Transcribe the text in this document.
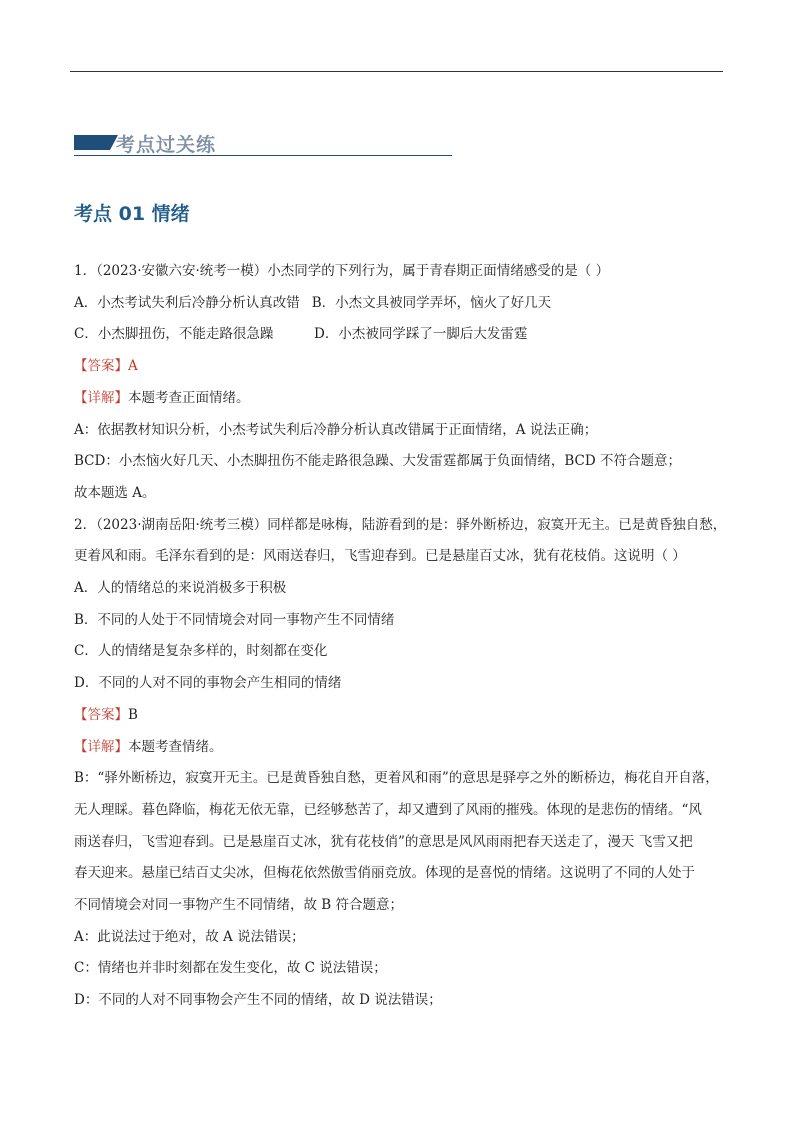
考点过关练
考点 01 情绪
1．（2023·安徽六安·统考一模）小杰同学的下列行为，属于青春期正面情绪感受的是（ ）
A．小杰考试失利后冷静分析认真改错 B．小杰文具被同学弄坏，恼火了好几天
C．小杰脚扭伤，不能走路很急躁	D．小杰被同学踩了一脚后大发雷霆
【答案】A
【详解】本题考查正面情绪。
A：依据教材知识分析，小杰考试失利后冷静分析认真改错属于正面情绪，A 说法正确；
BCD：小杰恼火好几天、小杰脚扭伤不能走路很急躁、大发雷霆都属于负面情绪，BCD 不符合题意；
故本题选 A。
2．（2023·湖南岳阳·统考三模）同样都是咏梅，陆游看到的是：驿外断桥边，寂寞开无主。已是黄昏独自愁，
更着风和雨。毛泽东看到的是：风雨送春归，飞雪迎春到。已是悬崖百丈冰，犹有花枝俏。这说明（ ）
A．人的情绪总的来说消极多于积极
B．不同的人处于不同情境会对同一事物产生不同情绪
C．人的情绪是复杂多样的，时刻都在变化
D．不同的人对不同的事物会产生相同的情绪
【答案】B
【详解】本题考查情绪。
B：“驿外断桥边，寂寞开无主。已是黄昏独自愁，更着风和雨”的意思是驿亭之外的断桥边，梅花自开自落，
无人理睬。暮色降临，梅花无依无靠，已经够愁苦了，却又遭到了风雨的摧残。体现的是悲伤的情绪。“风
雨送春归，飞雪迎春到。已是悬崖百丈冰，犹有花枝俏”的意思是风风雨雨把春天送走了，漫天 飞雪又把
春天迎来。悬崖已结百丈尖冰，但梅花依然傲雪俏丽竞放。体现的是喜悦的情绪。这说明了不同的人处于
不同情境会对同一事物产生不同情绪，故 B 符合题意；
A：此说法过于绝对，故 A 说法错误；
C：情绪也并非时刻都在发生变化，故 C 说法错误；
D：不同的人对不同事物会产生不同的情绪，故 D 说法错误；
